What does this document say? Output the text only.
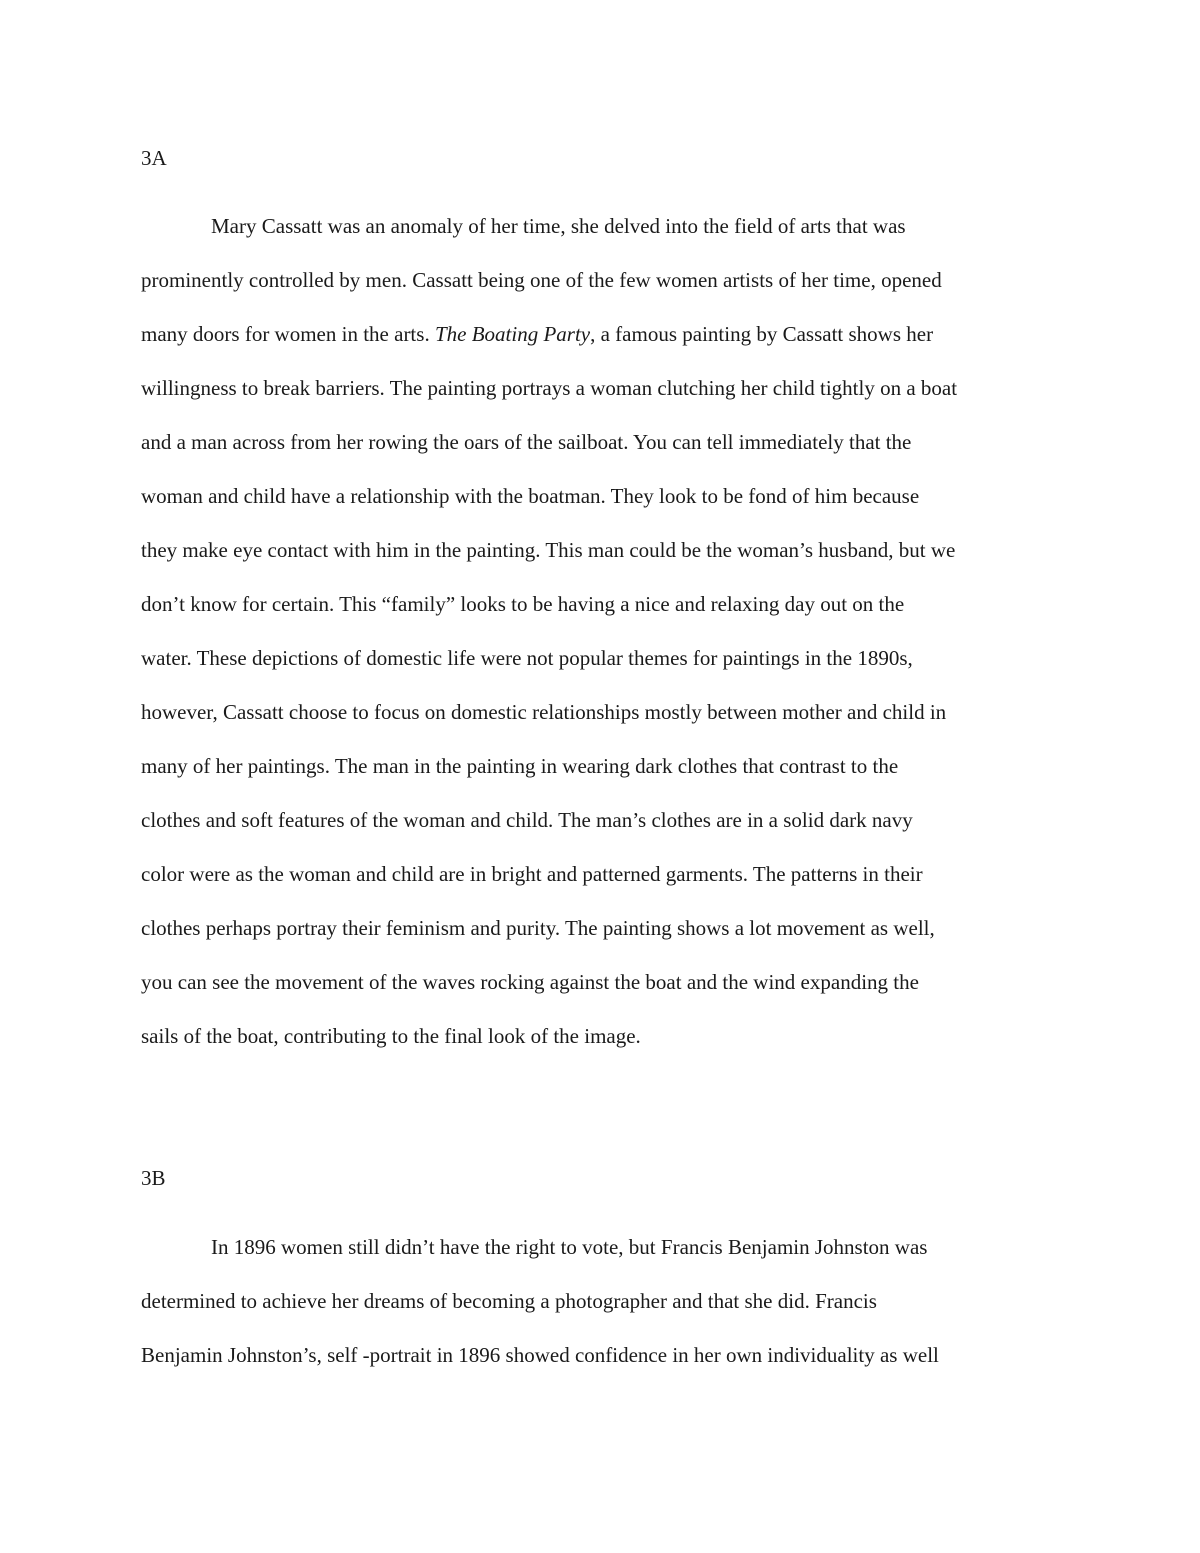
3A
Mary Cassatt was an anomaly of her time, she delved into the field of arts that was
prominently controlled by men. Cassatt being one of the few women artists of her time, opened
many doors for women in the arts. The Boating Party, a famous painting by Cassatt shows her
willingness to break barriers. The painting portrays a woman clutching her child tightly on a boat
and a man across from her rowing the oars of the sailboat. You can tell immediately that the
woman and child have a relationship with the boatman. They look to be fond of him because
they make eye contact with him in the painting. This man could be the woman’s husband, but we
don’t know for certain. This “family” looks to be having a nice and relaxing day out on the
water. These depictions of domestic life were not popular themes for paintings in the 1890s,
however, Cassatt choose to focus on domestic relationships mostly between mother and child in
many of her paintings. The man in the painting in wearing dark clothes that contrast to the
clothes and soft features of the woman and child. The man’s clothes are in a solid dark navy
color were as the woman and child are in bright and patterned garments. The patterns in their
clothes perhaps portray their feminism and purity. The painting shows a lot movement as well,
you can see the movement of the waves rocking against the boat and the wind expanding the
sails of the boat, contributing to the final look of the image.
3B
In 1896 women still didn’t have the right to vote, but Francis Benjamin Johnston was
determined to achieve her dreams of becoming a photographer and that she did. Francis
Benjamin Johnston’s, self -portrait in 1896 showed confidence in her own individuality as well
